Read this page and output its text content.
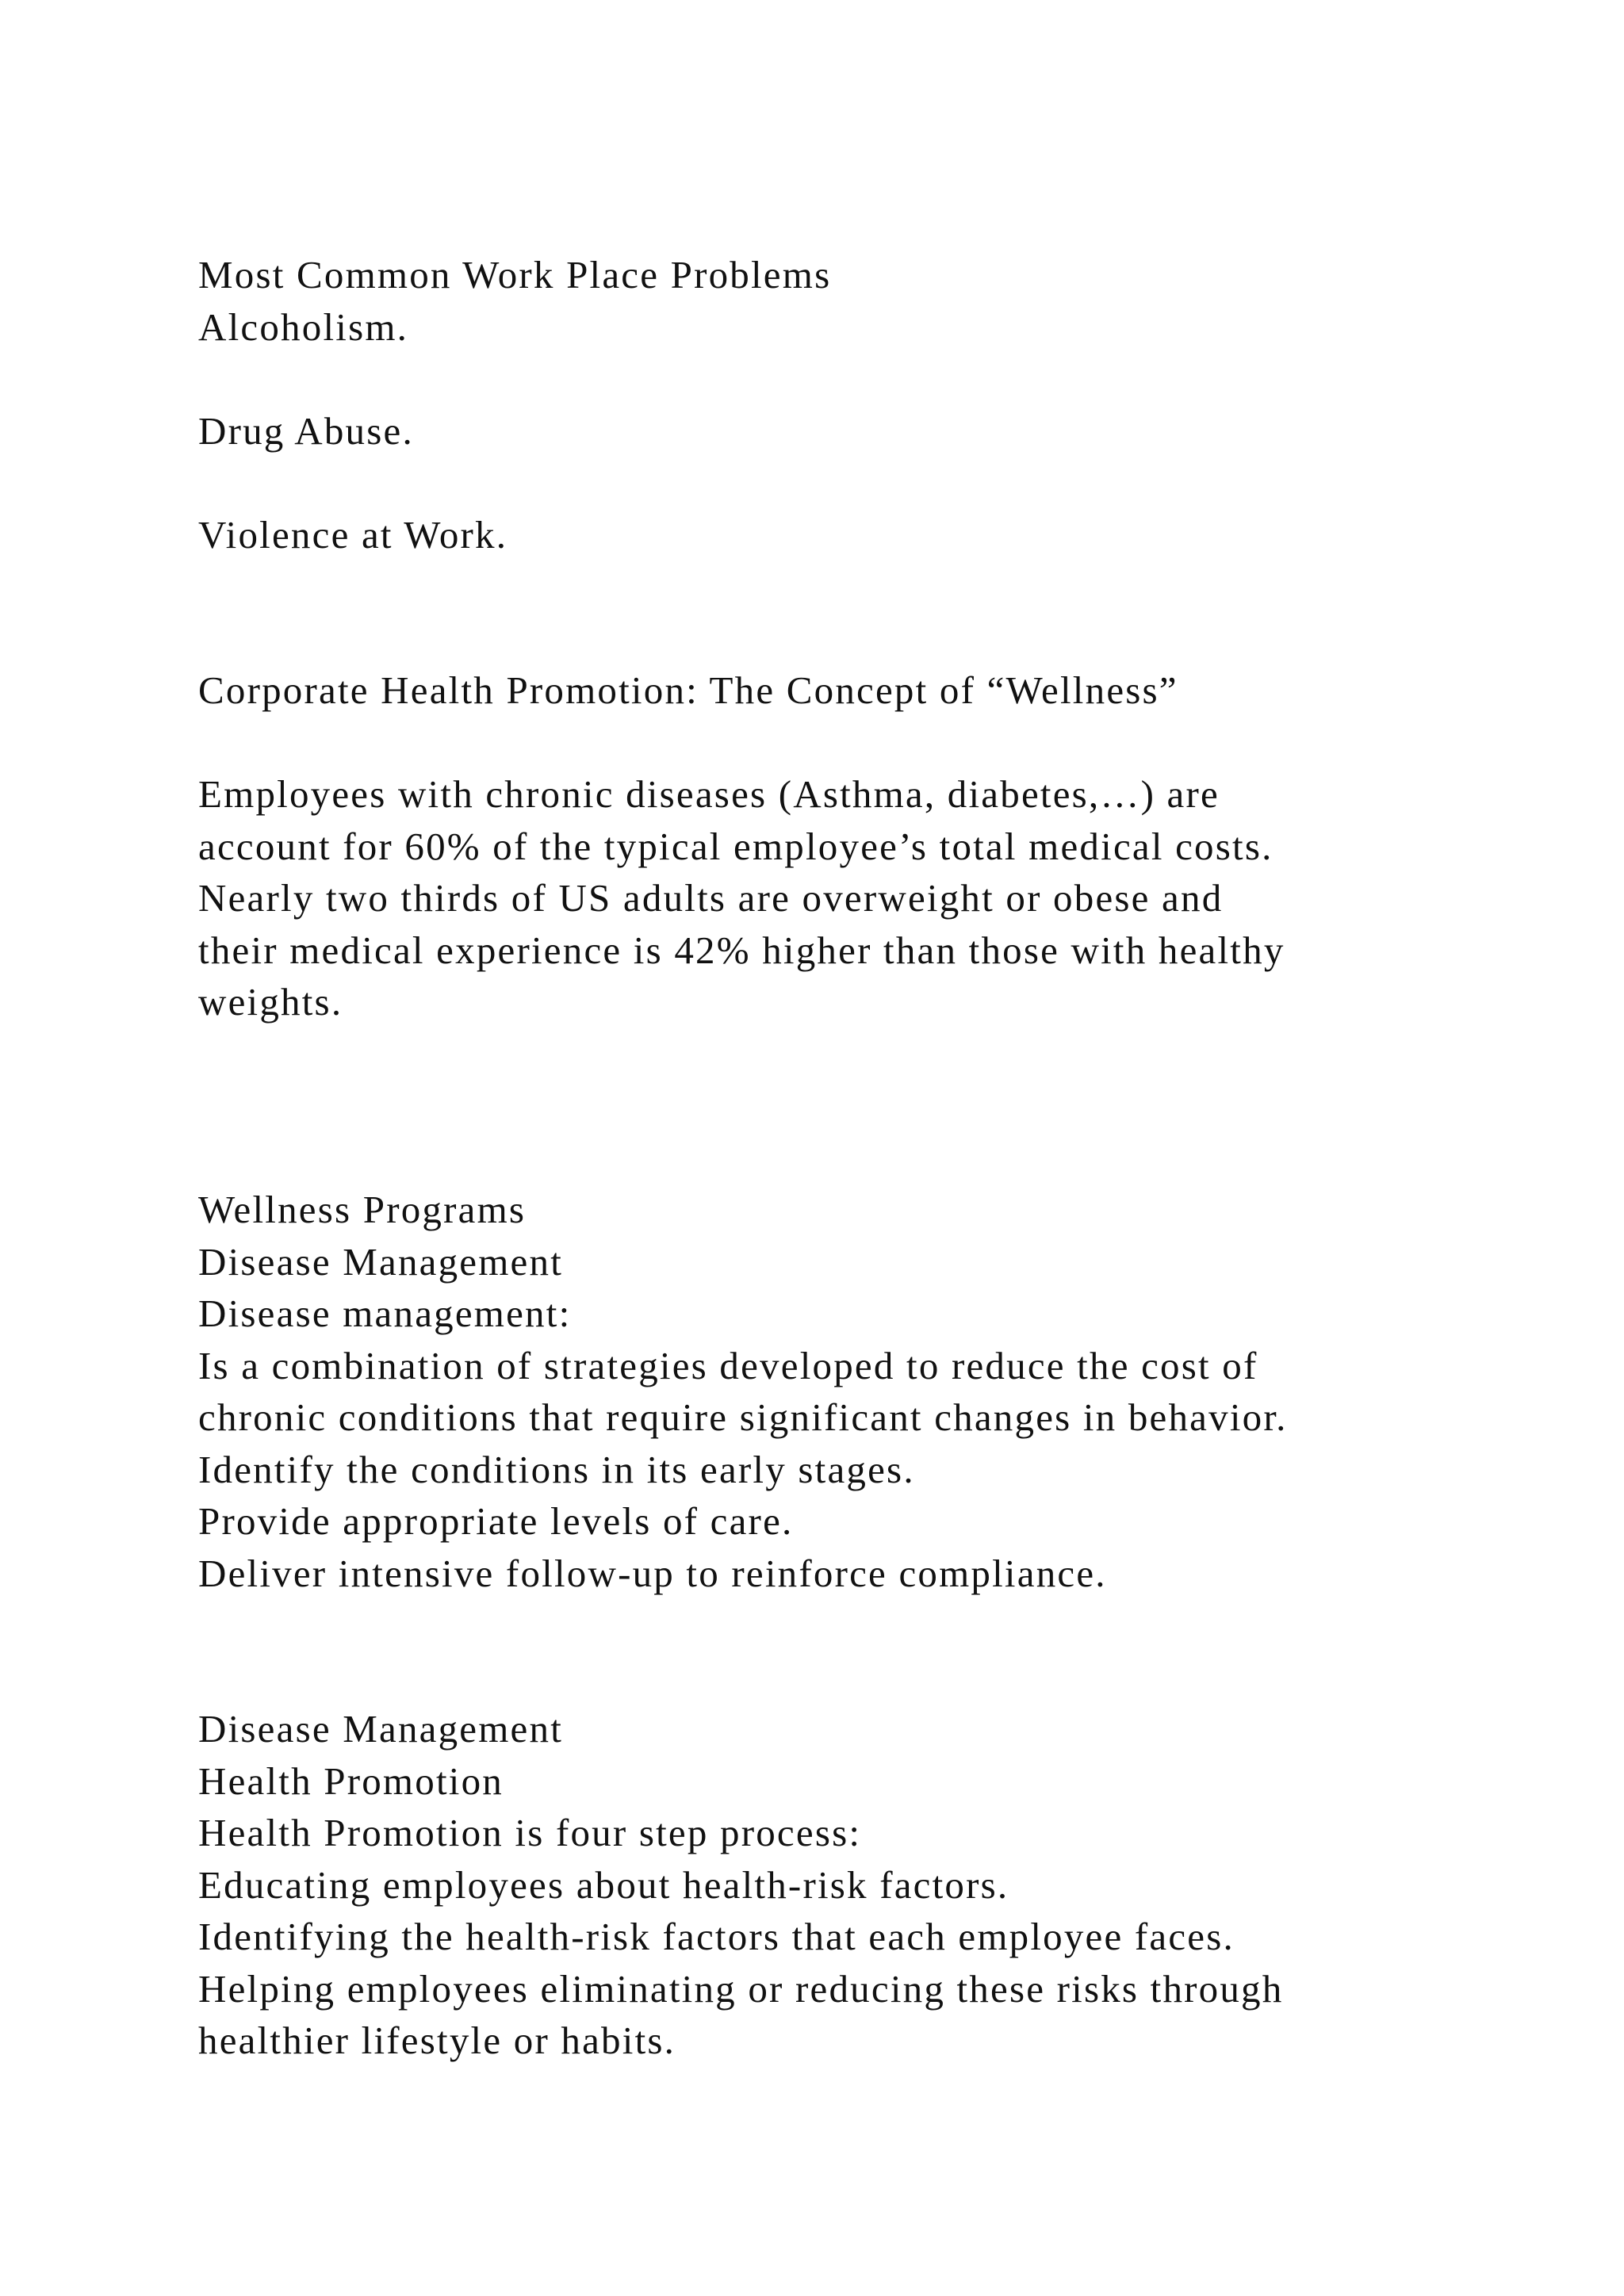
Most Common Work Place Problems
Alcoholism.
Drug Abuse.
Violence at Work.
Corporate Health Promotion: The Concept of “Wellness”
Employees with chronic diseases (Asthma, diabetes,…) are
account for 60% of the typical employee’s total medical costs.
Nearly two thirds of US adults are overweight or obese and
their medical experience is 42% higher than those with healthy
weights.
Wellness Programs
Disease Management
Disease management:
Is a combination of strategies developed to reduce the cost of
chronic conditions that require significant changes in behavior.
Identify the conditions in its early stages.
Provide appropriate levels of care.
Deliver intensive follow-up to reinforce compliance.
Disease Management
Health Promotion
Health Promotion is four step process:
Educating employees about health-risk factors.
Identifying the health-risk factors that each employee faces.
Helping employees eliminating or reducing these risks through
healthier lifestyle or habits.
